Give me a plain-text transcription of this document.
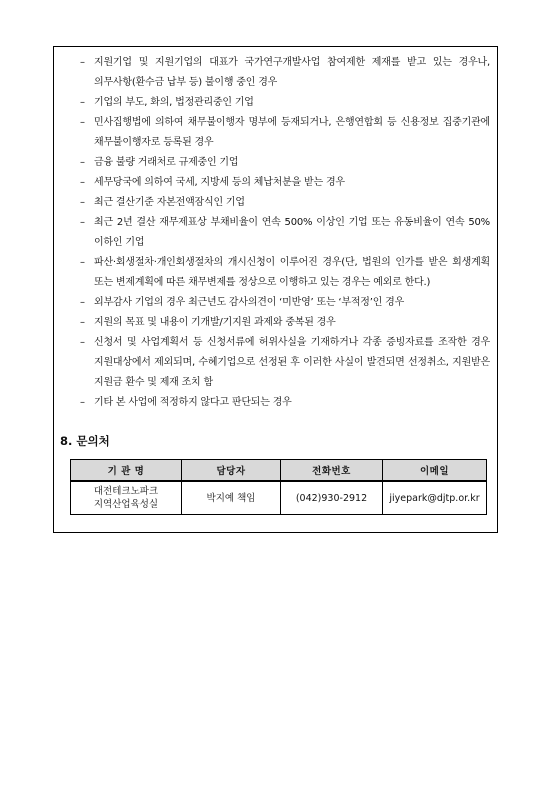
– 지원기업 및 지원기업의 대표가 국가연구개발사업 참여제한 제재를 받고 있는 경우나, 의무사항(환수금 납부 등) 불이행 중인 경우
– 기업의 부도, 화의, 법정관리중인 기업
– 민사집행법에 의하여 채무불이행자 명부에 등재되거나, 은행연합회 등 신용정보 집중기관에 채무불이행자로 등록된 경우
– 금융 불량 거래처로 규제중인 기업
– 세무당국에 의하여 국세, 지방세 등의 체납처분을 받는 경우
– 최근 결산기준 자본전액잠식인 기업
– 최근 2년 결산 재무제표상 부채비율이 연속 500% 이상인 기업 또는 유동비율이 연속 50% 이하인 기업
– 파산·회생절차·개인회생절차의 개시신청이 이루어진 경우(단, 법원의 인가를 받은 회생계획 또는 변제계획에 따른 채무변제를 정상으로 이행하고 있는 경우는 예외로 한다.)
– 외부감사 기업의 경우 최근년도 감사의견이 ‘미반영’ 또는 ‘부적정’인 경우
– 지원의 목표 및 내용이 기개발/기지원 과제와 중복된 경우
– 신청서 및 사업계획서 등 신청서류에 허위사실을 기재하거나 각종 증빙자료를 조작한 경우 지원대상에서 제외되며, 수혜기업으로 선정된 후 이러한 사실이 발견되면 선정취소, 지원받은 지원금 환수 및 제재 조치 함
– 기타 본 사업에 적정하지 않다고 판단되는 경우
8. 문의처
기 관 명	담당자	전화번호	이메일

대전테크노파크
지역산업육성실	박지예 책임	(042)930-2912	jiyepark@djtp.or.kr
